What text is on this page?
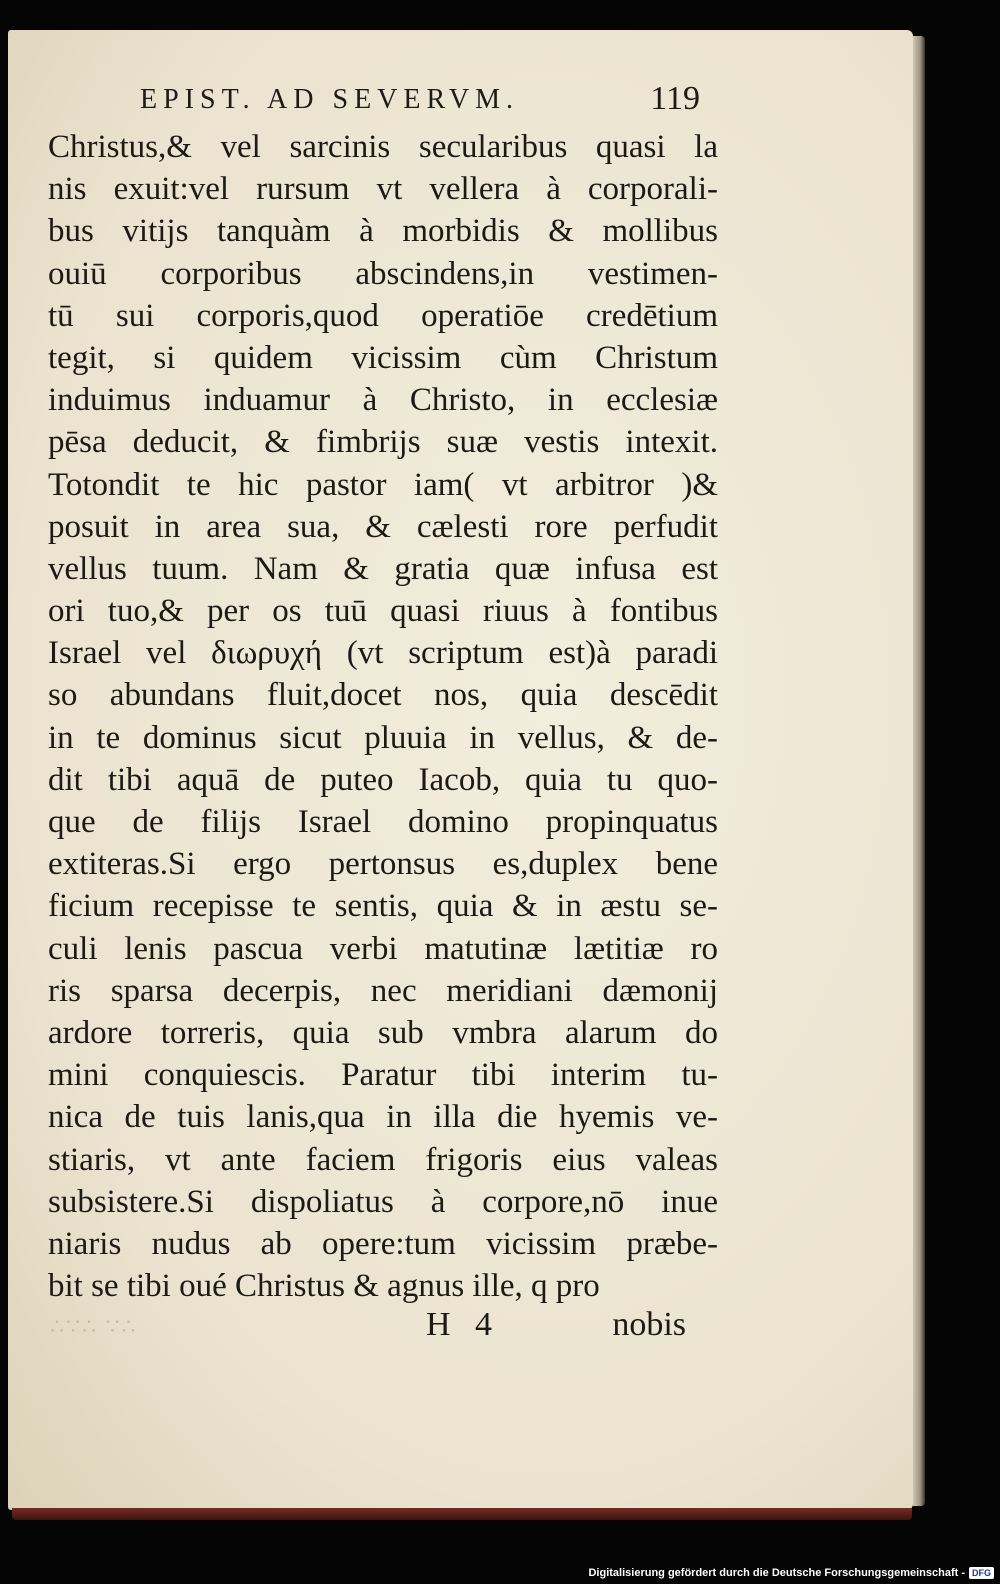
EPIST. AD SEVERVM.	119
Christus,& vel sarcinis secularibus quasi la
nis exuit:vel rursum vt vellera à corporali-
bus vitijs tanquàm à morbidis & mollibus
ouiū corporibus abscindens,in vestimen-
tū sui corporis,quod operatiōe credētium
tegit, si quidem vicissim cùm Christum
induimus induamur à Christo, in ecclesiæ
pēsa deducit, & fimbrijs suæ vestis intexit.
Totondit te hic pastor iam( vt arbitror )&
posuit in area sua, & cælesti rore perfudit
vellus tuum. Nam & gratia quæ infusa est
ori tuo,& per os tuū quasi riuus à fontibus
Israel vel διωρυχή (vt scriptum est)à paradi
so abundans fluit,docet nos, quia descēdit
in te dominus sicut pluuia in vellus, & de-
dit tibi aquā de puteo Iacob, quia tu quo-
que de filijs Israel domino propinquatus
extiteras.Si ergo pertonsus es,duplex bene
ficium recepisse te sentis, quia & in æstu se-
culi lenis pascua verbi matutinæ lætitiæ ro
ris sparsa decerpis, nec meridiani dæmonij
ardore torreris, quia sub vmbra alarum do
mini conquiescis. Paratur tibi interim tu-
nica de tuis lanis,qua in illa die hyemis ve-
stiaris, vt ante faciem frigoris eius valeas
subsistere.Si dispoliatus à corpore,nō inue
niaris nudus ab opere:tum vicissim præbe-
bit se tibi oué Christus & agnus ille, q pro
∴∵∴ ∵∴	H 4	nobis
Digitalisierung gefördert durch die Deutsche Forschungsgemeinschaft - DFG
